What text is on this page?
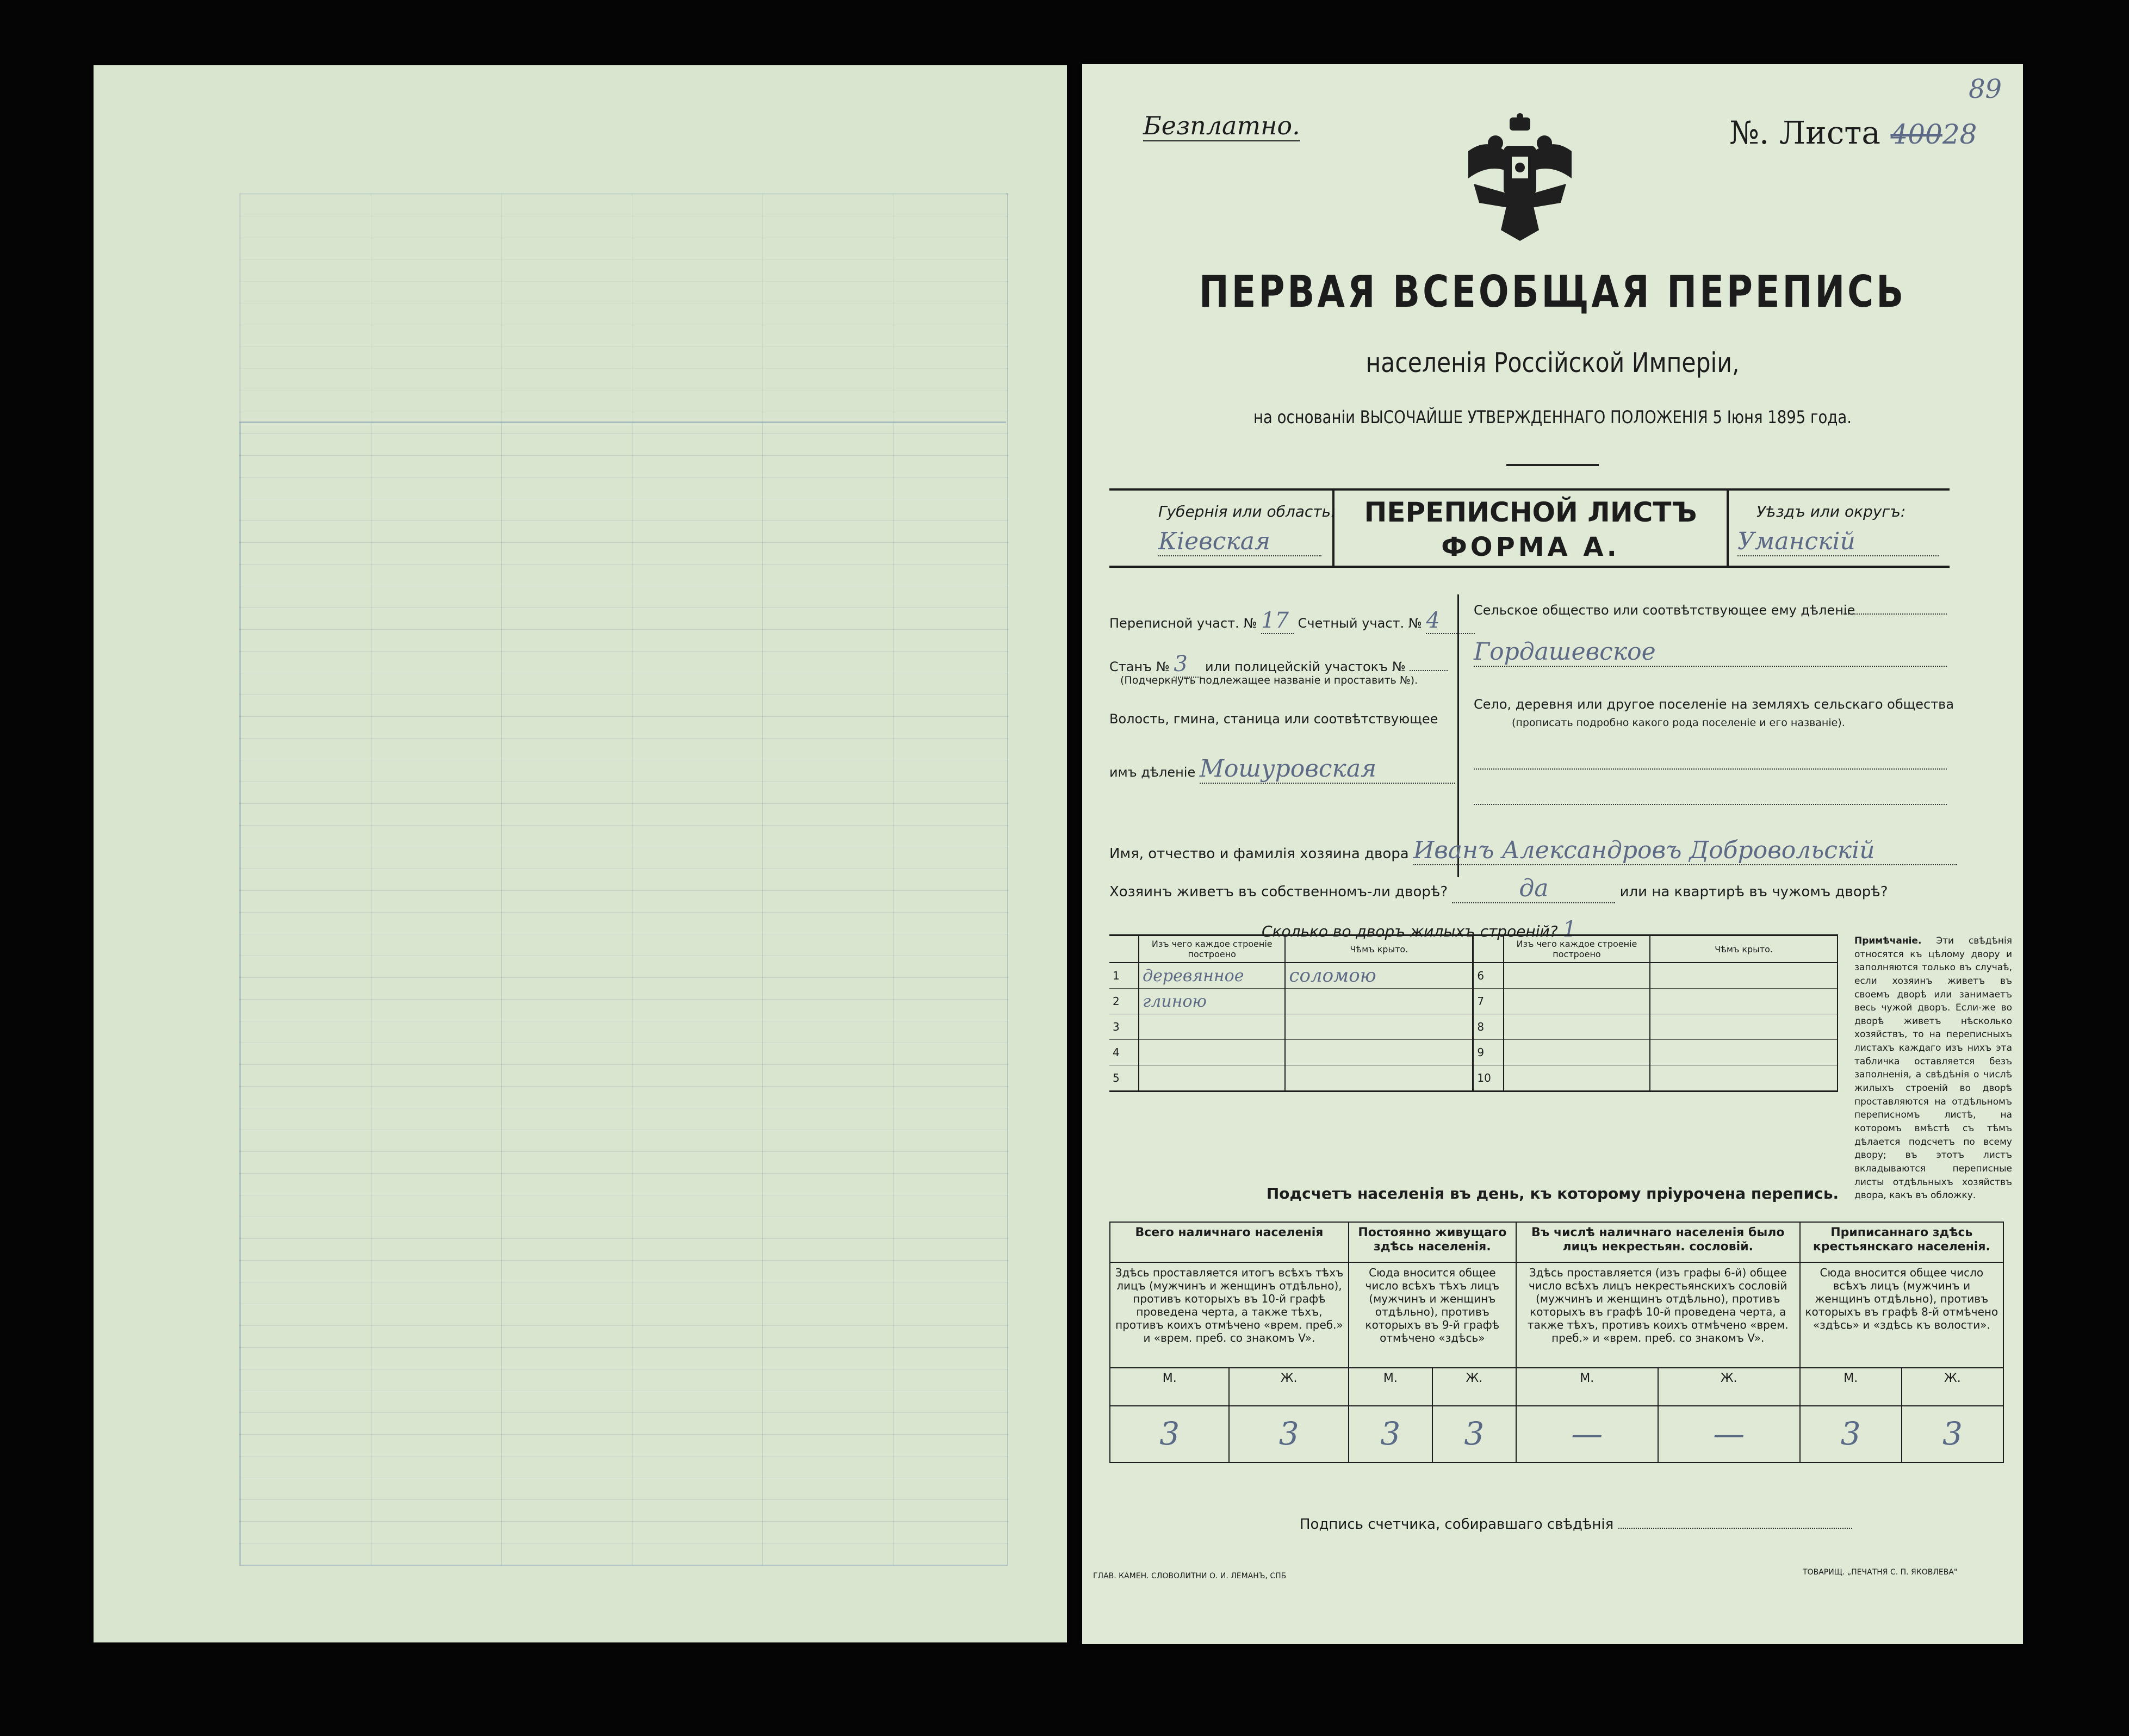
Безплатно.	№. Листа 40028
89
ПЕРВАЯ ВСЕОБЩАЯ ПЕРЕПИСЬ
населенія Россійской Имперіи,
на основаніи ВЫСОЧАЙШЕ УТВЕРЖДЕННАГО ПОЛОЖЕНІЯ 5 Іюня 1895 года.
Губернія или область:
Кіевская
ПЕРЕПИСНОЙ ЛИСТЪ
ФОРМА А.
Уѣздъ или округъ:
Уманскій
Переписной участ. № 17 Счетный участ. № 4
Станъ № 3 или полицейскій участокъ №
(Подчеркнуть подлежащее названіе и проставить №).
Волость, гмина, станица или соотвѣтствующее
имъ дѣленіе Мошуровская
Сельское общество или соотвѣтствующее ему дѣленіе
Гордашевское
Село, деревня или другое поселеніе на земляхъ сельскаго общества
(прописать подробно какого рода поселеніе и его названіе).
Имя, отчество и фамилія хозяина двора Иванъ Александровъ Добровольскій
Хозяинъ живетъ въ собственномъ-ли дворѣ?	да	или на квартирѣ въ чужомъ дворѣ?
Сколько во дворъ жилыхъ строеній? 1
	Изъ чего каждое строеніе построено	Чѣмъ крыто.		Изъ чего каждое строеніе построено	Чѣмъ крыто.
1	деревянное	соломою	6		
2	глиною		7		
3			8		
4			9		
5			10		
Примѣчаніе. Эти свѣдѣнія относятся къ цѣлому двору и заполняются только въ случаѣ, если хозяинъ живетъ въ своемъ дворѣ или занимаетъ весь чужой дворъ. Если-же во дворѣ живетъ нѣсколько хозяйствъ, то на переписныхъ листахъ каждаго изъ нихъ эта табличка оставляется безъ заполненія, а свѣдѣнія о числѣ жилыхъ строеній во дворѣ проставляются на отдѣльномъ переписномъ листѣ, на которомъ вмѣстѣ съ тѣмъ дѣлается подсчетъ по всему двору; въ этотъ листъ вкладываются переписные листы отдѣльныхъ хозяйствъ двора, какъ въ обложку.
Подсчетъ населенія въ день, къ которому пріурочена перепись.
Всего наличнаго населенія		Постоянно живущаго здѣсь населенія.		Въ числѣ наличнаго населенія было лицъ некрестьян. сословій.		Приписаннаго здѣсь крестьянскаго населенія.	
Здѣсь проставляется итогъ всѣхъ тѣхъ лицъ (мужчинъ и женщинъ отдѣльно), противъ которыхъ въ 10-й графѣ проведена черта, а также тѣхъ, противъ коихъ отмѣчено «врем. преб.» и «врем. преб. со знакомъ V».		Сюда вносится общее число всѣхъ тѣхъ лицъ (мужчинъ и женщинъ отдѣльно), противъ которыхъ въ 9-й графѣ отмѣчено «здѣсь»		Здѣсь проставляется (изъ графы 6-й) общее число всѣхъ лицъ некрестьянскихъ сословій (мужчинъ и женщинъ отдѣльно), противъ которыхъ въ графѣ 10-й проведена черта, а также тѣхъ, противъ коихъ отмѣчено «врем. преб.» и «врем. преб. со знакомъ V».		Сюда вносится общее число всѣхъ лицъ (мужчинъ и женщинъ отдѣльно), противъ которыхъ въ графѣ 8-й отмѣчено «здѣсь» и «здѣсь къ волости».	
М.	Ж.	М.	Ж.	М.	Ж.	М.	Ж.
3	3	3	3	—	—	3	3
Подпись счетчика, собиравшаго свѣдѣнія
ГЛАВ. КАМЕН. СЛОВОЛИТНИ О. И. ЛЕМАНЪ, СПБ	ТОВАРИЩ. „ПЕЧАТНЯ С. П. ЯКОВЛЕВА"
